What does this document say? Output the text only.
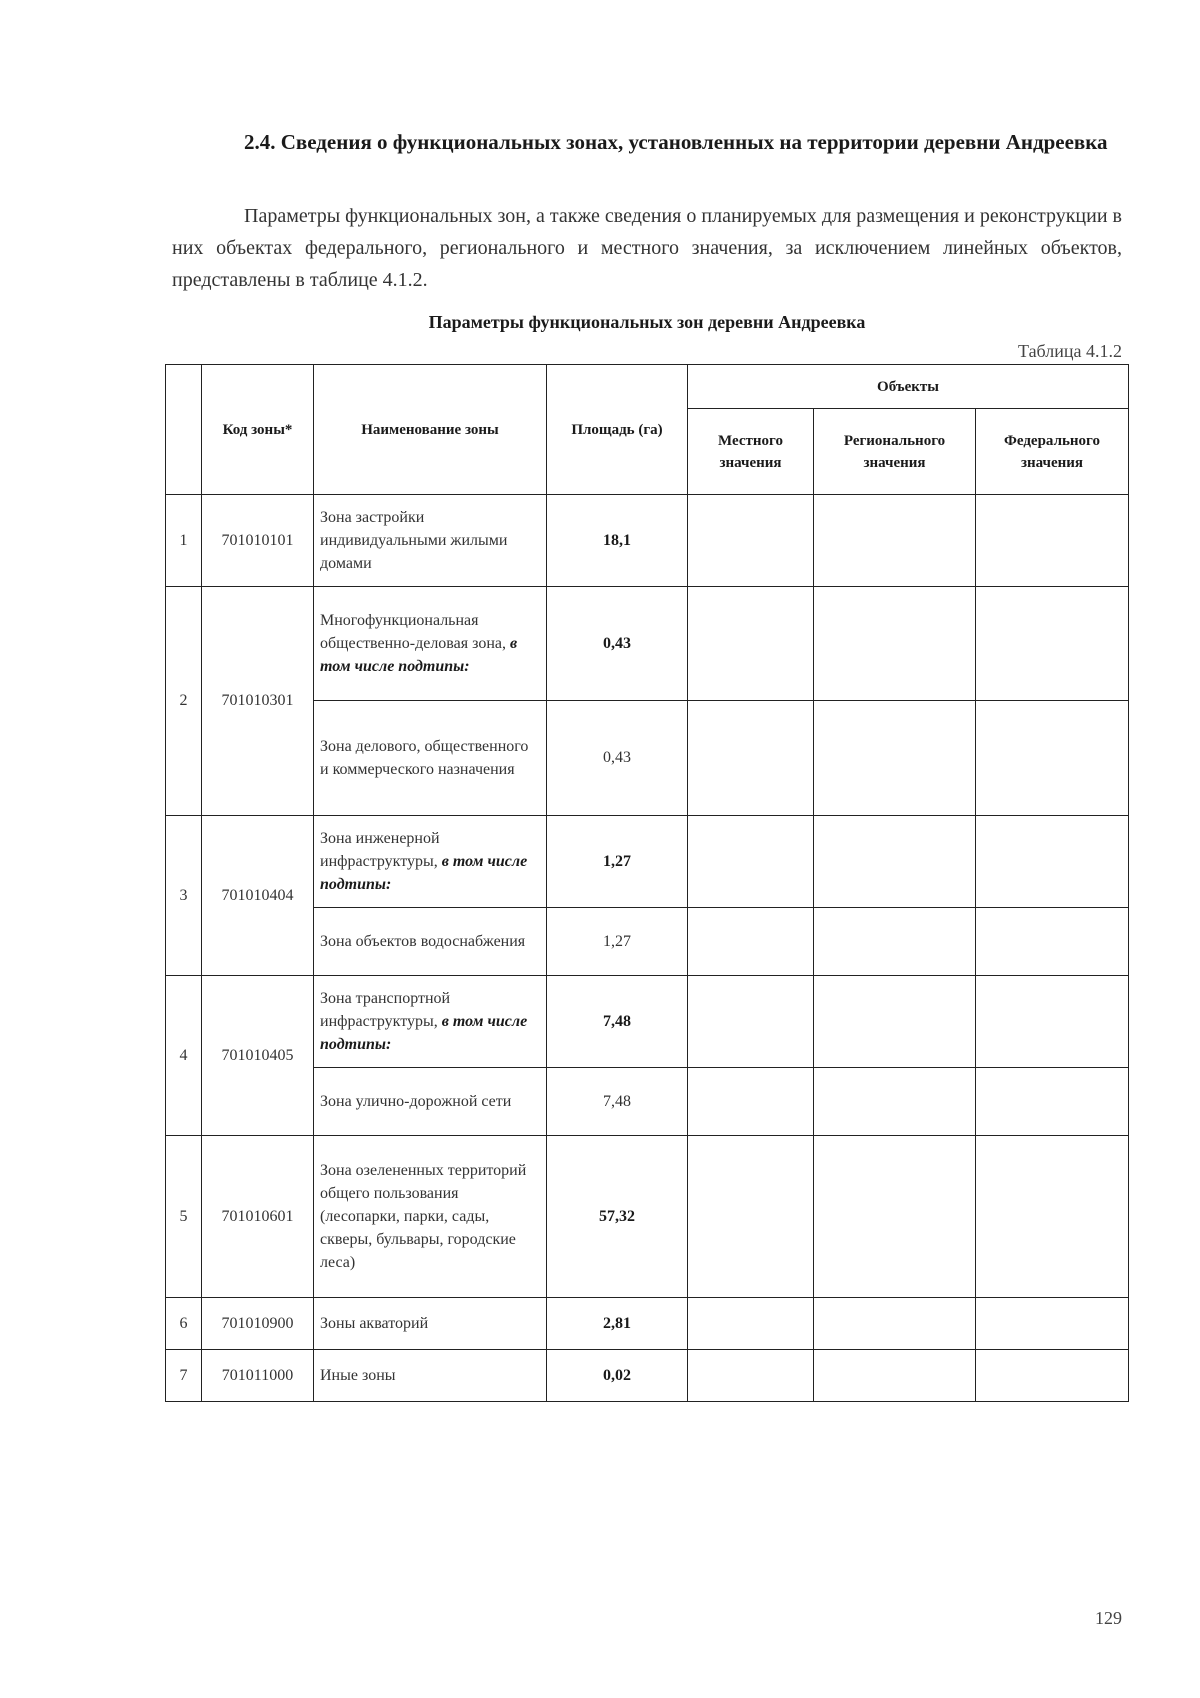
2.4. Сведения о функциональных зонах, установленных на территории деревни Андреевка

Параметры функциональных зон, а также сведения о планируемых для размещения и реконструкции в них объектах федерального, регионального и местного значения, за исключением линейных объектов, представлены в таблице 4.1.2.

Параметры функциональных зон деревни Андреевка

Таблица 4.1.2

	Код зоны*	Наименование зоны	Площадь (га)	Объекты		
				Местного значения	Регионального значения	Федерального значения
1	701010101	Зона застройки индивидуальными жилыми домами	18,1			
2	701010301	Многофункциональная общественно-деловая зона, в том числе подтипы:	0,43			
		Зона делового, общественного и коммерческого назначения	0,43			
3	701010404	Зона инженерной инфраструктуры, в том числе подтипы:	1,27			
		Зона объектов водоснабжения	1,27			
4	701010405	Зона транспортной инфраструктуры, в том числе подтипы:	7,48			
		Зона улично-дорожной сети	7,48			
5	701010601	Зона озелененных территорий общего пользования (лесопарки, парки, сады, скверы, бульвары, городские леса)	57,32			
6	701010900	Зоны акваторий	2,81			
7	701011000	Иные зоны	0,02			

129
